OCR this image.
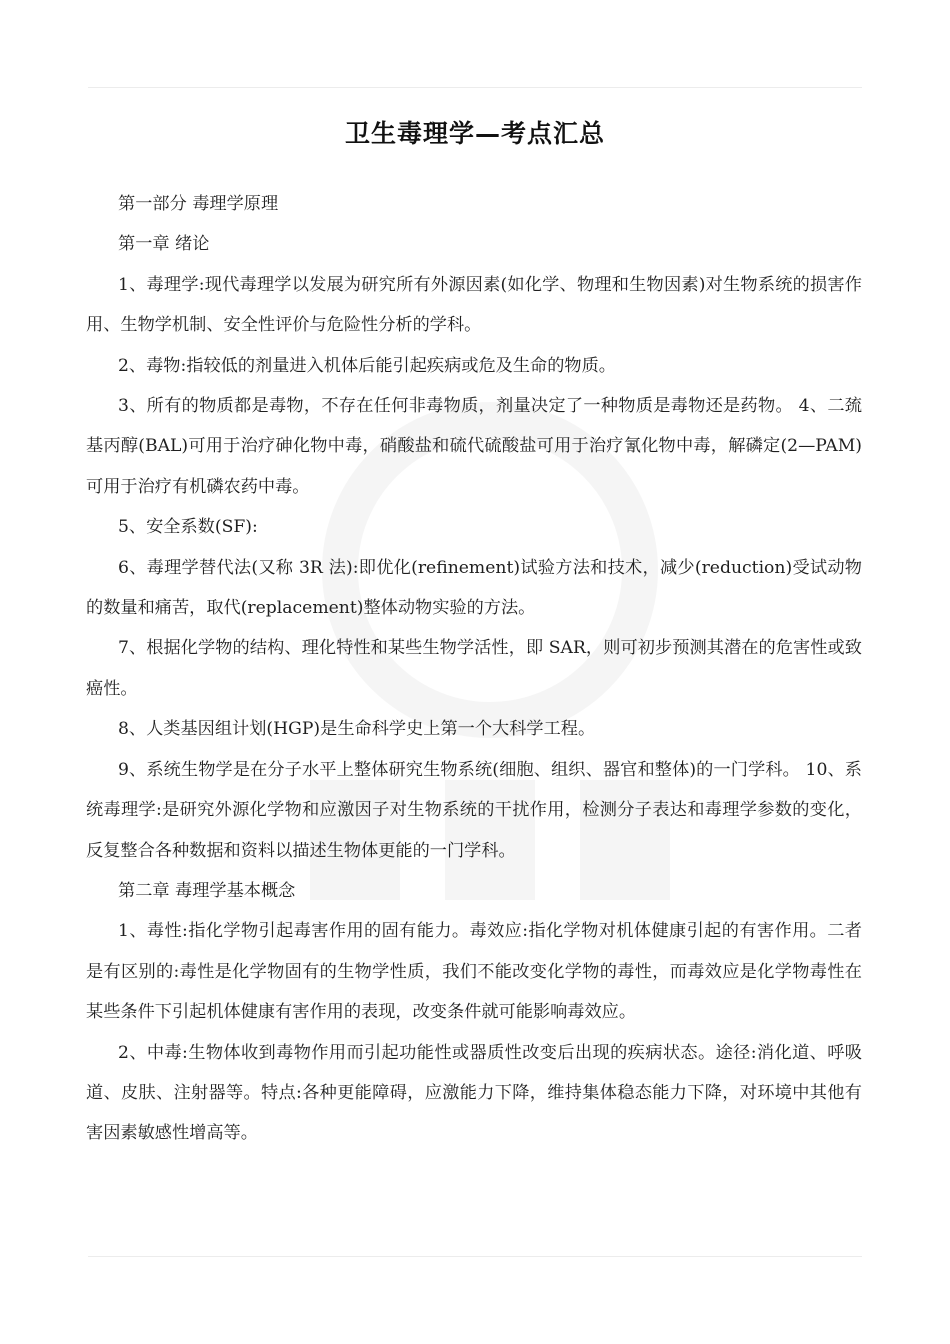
卫生毒理学—考点汇总

第一部分 毒理学原理

第一章 绪论

1、毒理学:现代毒理学以发展为研究所有外源因素(如化学、物理和生物因素)对生物系统的损害作用、生物学机制、安全性评价与危险性分析的学科。

2、毒物:指较低的剂量进入机体后能引起疾病或危及生命的物质。

3、所有的物质都是毒物，不存在任何非毒物质，剂量决定了一种物质是毒物还是药物。 4、二巯基丙醇(BAL)可用于治疗砷化物中毒，硝酸盐和硫代硫酸盐可用于治疗氰化物中毒，解磷定(2—PAM)可用于治疗有机磷农药中毒。

5、安全系数(SF):

6、毒理学替代法(又称 3R 法):即优化(refinement)试验方法和技术，减少(reduction)受试动物的数量和痛苦，取代(replacement)整体动物实验的方法。

7、根据化学物的结构、理化特性和某些生物学活性，即 SAR，则可初步预测其潜在的危害性或致癌性。

8、人类基因组计划(HGP)是生命科学史上第一个大科学工程。

9、系统生物学是在分子水平上整体研究生物系统(细胞、组织、器官和整体)的一门学科。 10、系统毒理学:是研究外源化学物和应激因子对生物系统的干扰作用，检测分子表达和毒理学参数的变化，反复整合各种数据和资料以描述生物体更能的一门学科。

第二章 毒理学基本概念

1、毒性:指化学物引起毒害作用的固有能力。毒效应:指化学物对机体健康引起的有害作用。二者是有区别的:毒性是化学物固有的生物学性质，我们不能改变化学物的毒性，而毒效应是化学物毒性在某些条件下引起机体健康有害作用的表现，改变条件就可能影响毒效应。

2、中毒:生物体收到毒物作用而引起功能性或器质性改变后出现的疾病状态。途径:消化道、呼吸道、皮肤、注射器等。特点:各种更能障碍，应激能力下降，维持集体稳态能力下降，对环境中其他有害因素敏感性增高等。
